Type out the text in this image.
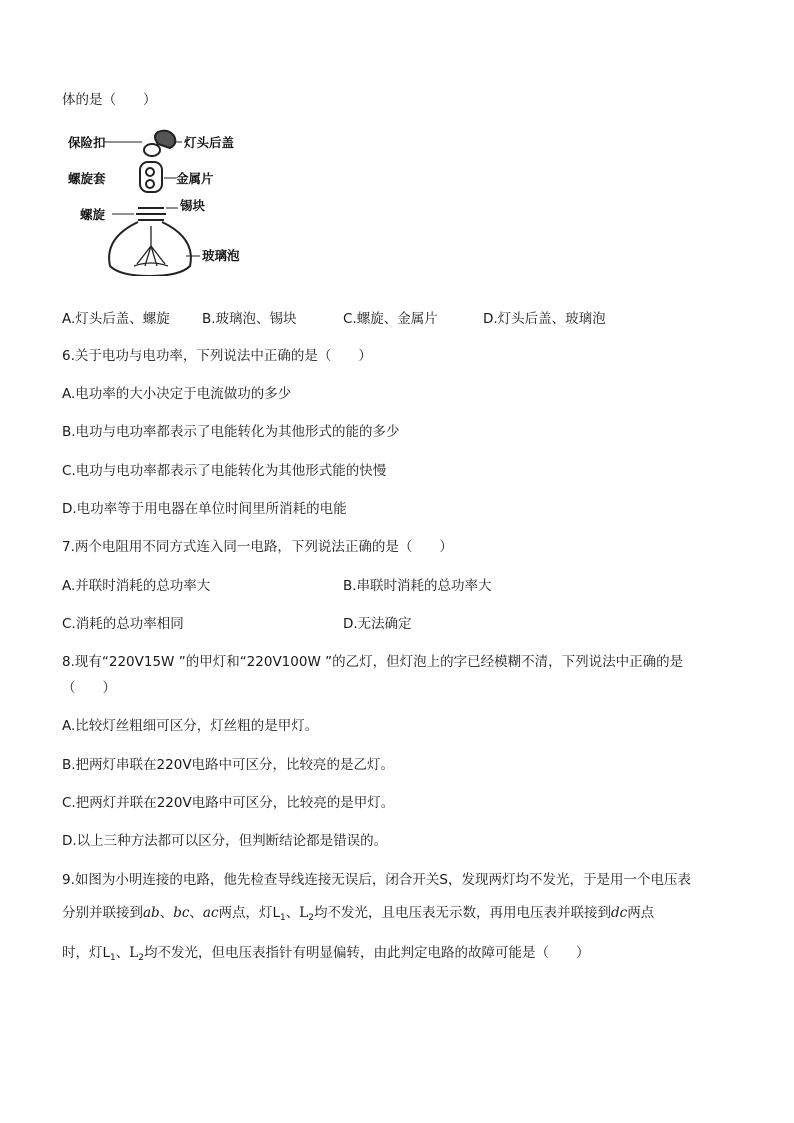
体的是（　　）
保险扣	灯头后盖
螺旋套	金属片
锡块
螺旋
玻璃泡
A.灯头后盖、螺旋 B.玻璃泡、锡块	C.螺旋、金属片	D.灯头后盖、玻璃泡
6.关于电功与电功率，下列说法中正确的是（　　）
A.电功率的大小决定于电流做功的多少
B.电功与电功率都表示了电能转化为其他形式的能的多少
C.电功与电功率都表示了电能转化为其他形式能的快慢
D.电功率等于用电器在单位时间里所消耗的电能
7.两个电阻用不同方式连入同一电路，下列说法正确的是（　　）
A.并联时消耗的总功率大	B.串联时消耗的总功率大
C.消耗的总功率相同	D.无法确定
8.现有“220V15W ”的甲灯和“220V100W ”的乙灯，但灯泡上的字已经模糊不清，下列说法中正确的是
（　　）
A.比较灯丝粗细可区分，灯丝粗的是甲灯。
B.把两灯串联在220V电路中可区分，比较亮的是乙灯。
C.把两灯并联在220V电路中可区分，比较亮的是甲灯。
D.以上三种方法都可以区分，但判断结论都是错误的。
9.如图为小明连接的电路，他先检查导线连接无误后，闭合开关S，发现两灯均不发光，于是用一个电压表
分别并联接到ab、bc、ac两点，灯$L_1$、$L_2$均不发光，且电压表无示数，再用电压表并联接到dc两点
时，灯$L_1$、$L_2$均不发光，但电压表指针有明显偏转，由此判定电路的故障可能是（　　）
